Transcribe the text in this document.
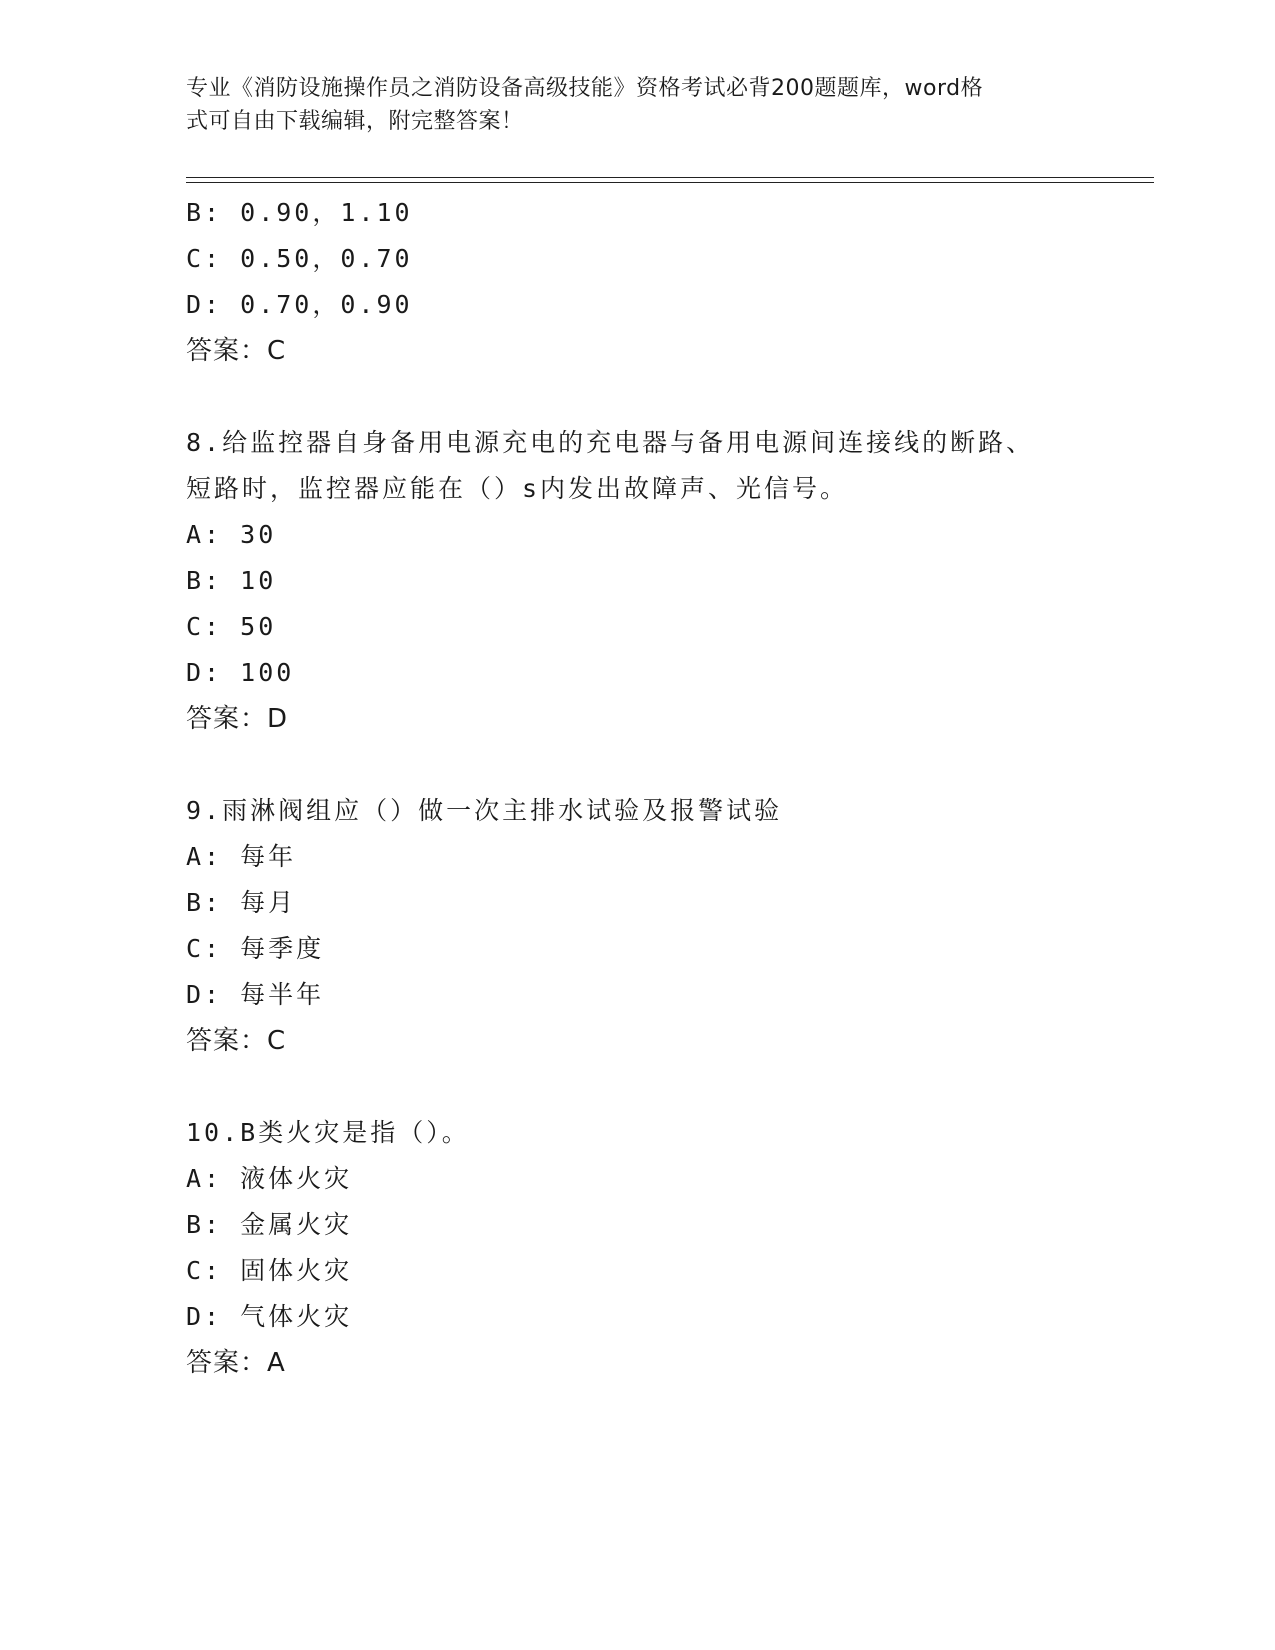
专业《消防设施操作员之消防设备高级技能》资格考试必背200题题库，word格
式可自由下载编辑，附完整答案！
B: 0.90，1.10
C: 0.50，0.70
D: 0.70，0.90
答案：C
8.给监控器自身备用电源充电的充电器与备用电源间连接线的断路、
短路时，监控器应能在（）s内发出故障声、光信号。
A: 30
B: 10
C: 50
D: 100
答案：D
9.雨淋阀组应（）做一次主排水试验及报警试验
A: 每年
B: 每月
C: 每季度
D: 每半年
答案：C
10.B类火灾是指（）。
A: 液体火灾
B: 金属火灾
C: 固体火灾
D: 气体火灾
答案：A
